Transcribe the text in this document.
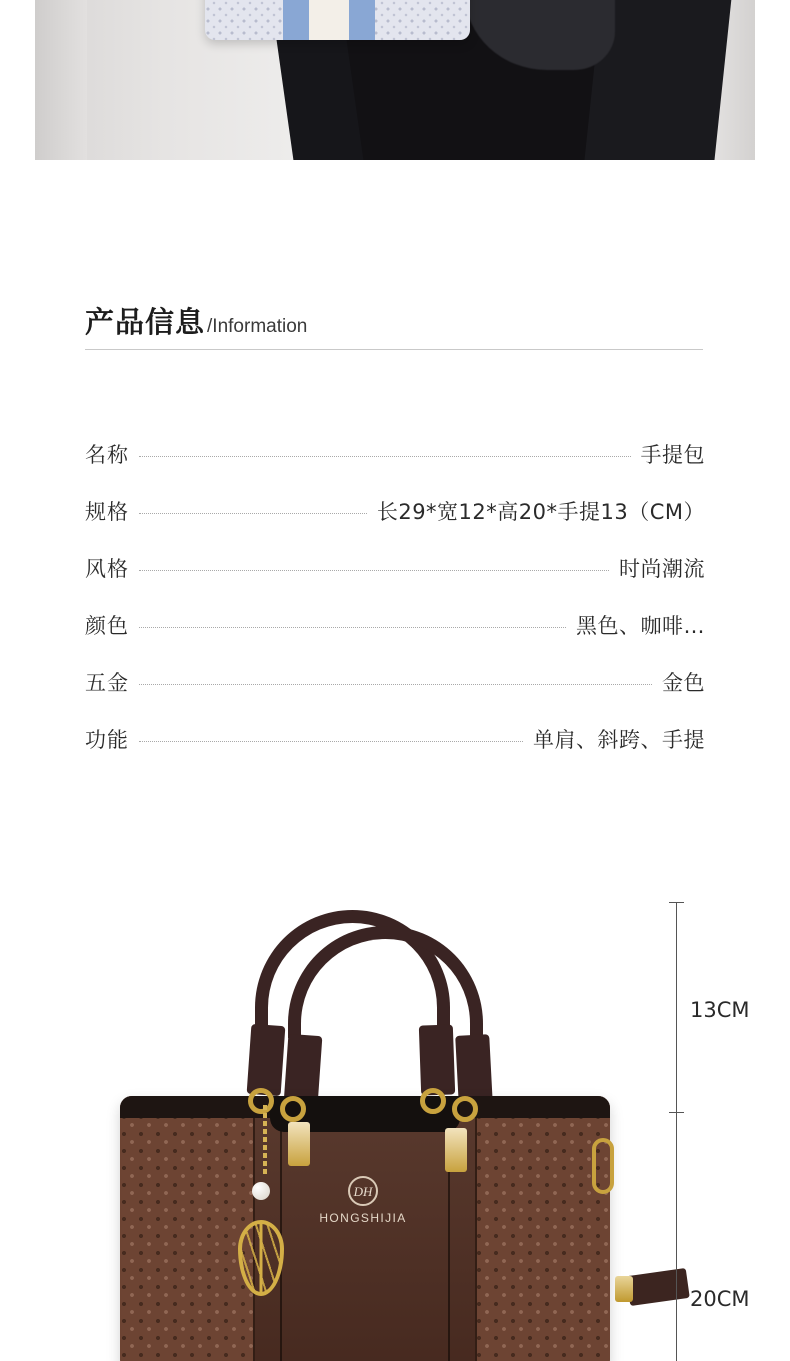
产品信息 /Information
名称	手提包
规格	长29*宽12*高20*手提13（CM）
风格	时尚潮流
颜色	黑色、咖啡…
五金	金色
功能	单肩、斜跨、手提
DH
HONGSHIJIA
13CM
20CM
